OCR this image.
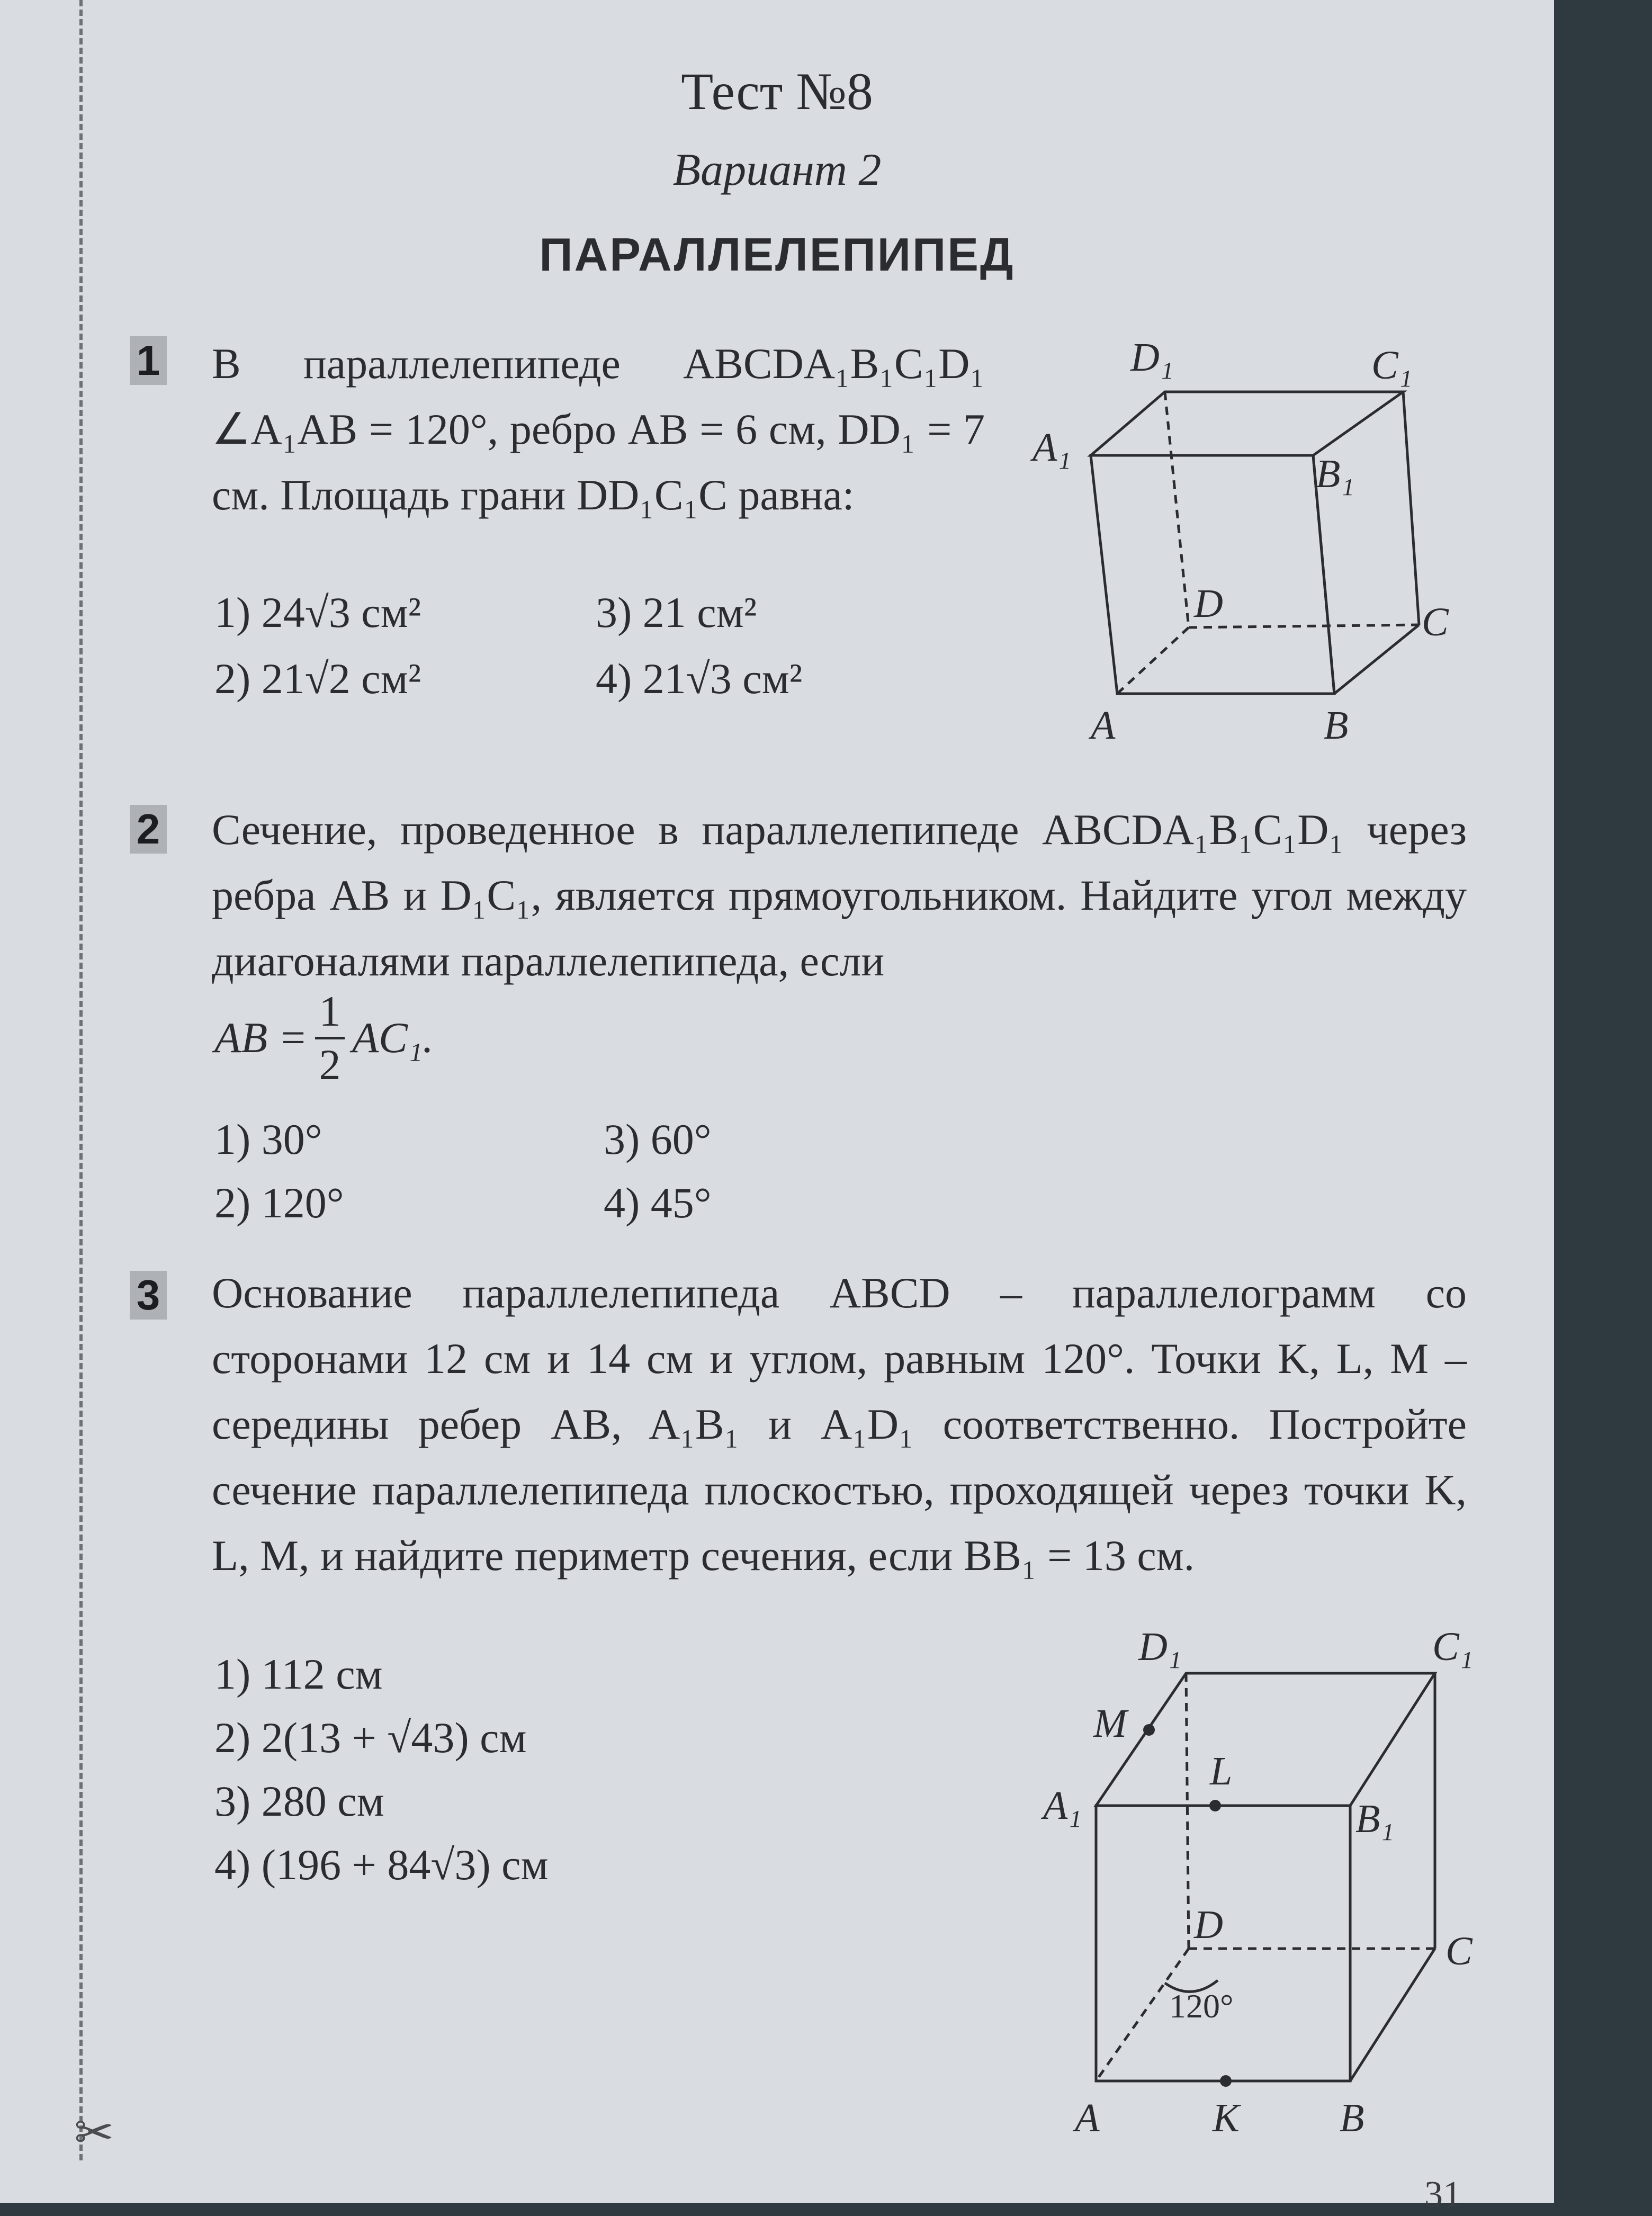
✂
Тест №8
Вариант 2
ПАРАЛЛЕЛЕПИПЕД
1 В параллелепипеде ABCDA₁B₁C₁D₁ ∠A₁AB = 120°, ребро AB = 6 см, DD₁ = 7 см. Площадь грани DD₁C₁C равна:
1) 24√3 см²
2) 21√2 см²
3) 21 см²
4) 21√3 см²
D₁	C₁
A₁
B₁
D	C
A	B
2 Сечение, проведенное в параллелепипеде ABCDA₁B₁C₁D₁ через ребра AB и D₁C₁, является прямоугольником. Найдите угол между диагоналями параллелепипеда, если
AB =
1
2
AC₁.
1) 30°
2) 120°
3) 60°
4) 45°
3 Основание параллелепипеда ABCD – параллелограмм со сторонами 12 см и 14 см и углом, равным 120°. Точки K, L, M – середины ребер AB, A₁B₁ и A₁D₁ соответственно. Постройте сечение параллелепипеда плоскостью, проходящей через точки K, L, M, и найдите периметр сечения, если BB₁ = 13 см.
1) 112 см
2) 2(13 + √43) см
3) 280 см
4) (196 + 84√3) см
D₁	C₁
M
L
A₁	B₁
D
C
120°
A	K B
31
